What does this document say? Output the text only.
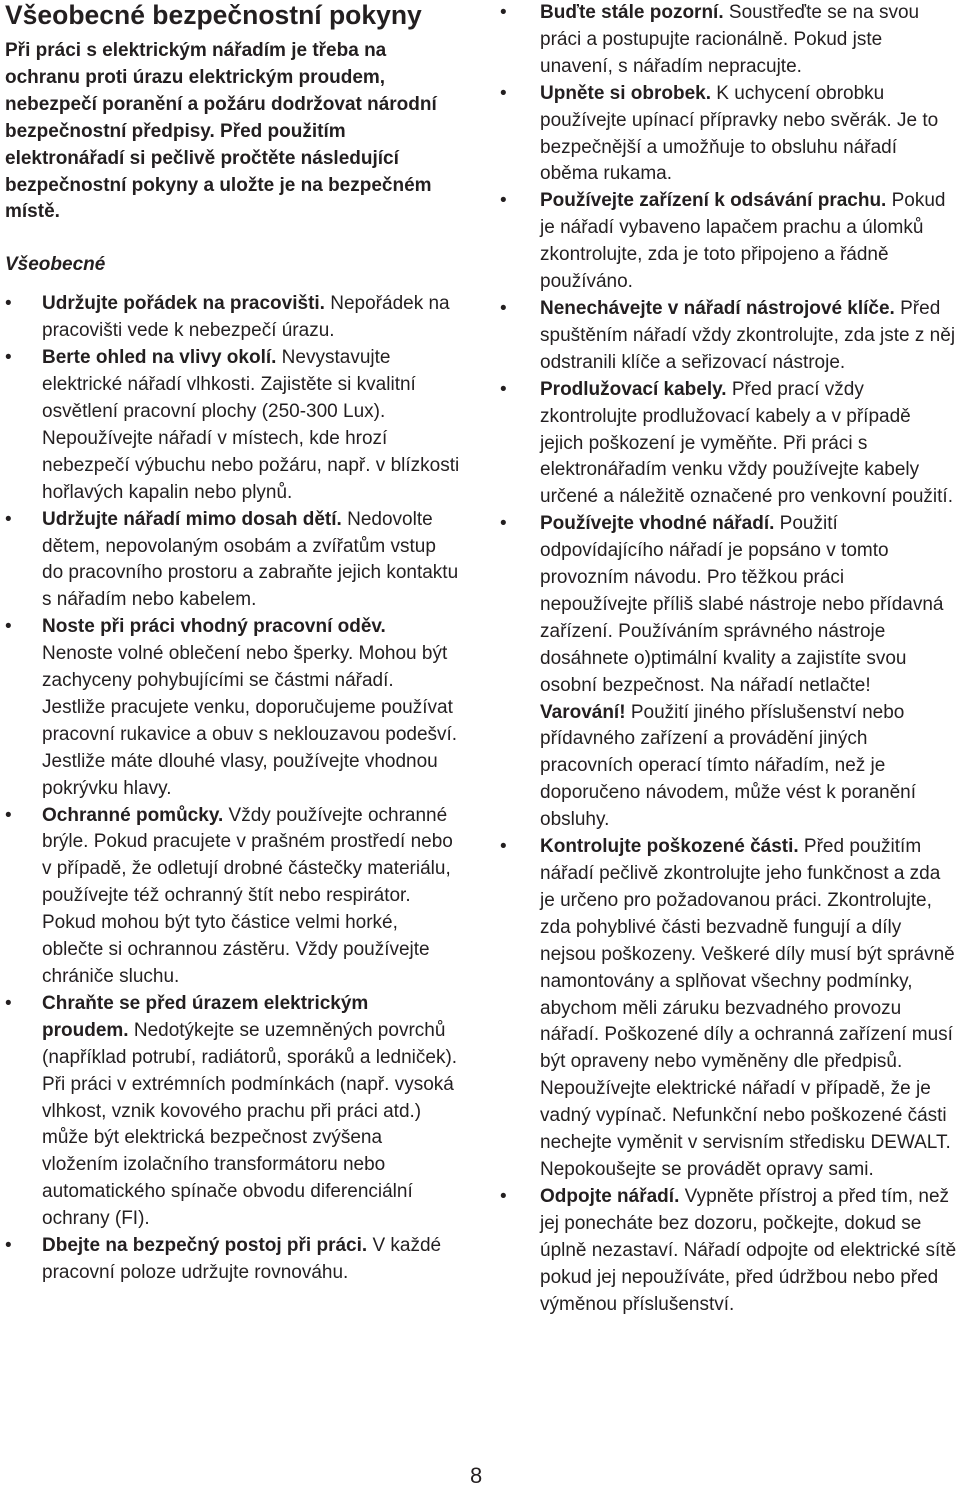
Všeobecné bezpečnostní pokyny

Při práci s elektrickým nářadím je třeba na ochranu proti úrazu elektrickým proudem, nebezpečí poranění a požáru dodržovat národní bezpečnostní předpisy. Před použitím elektronářadí si pečlivě pročtěte následující bezpečnostní pokyny a uložte je na bezpečném místě.

Všeobecné
• Udržujte pořádek na pracovišti. Nepořádek na pracovišti vede k nebezpečí úrazu.
• Berte ohled na vlivy okolí. Nevystavujte elektrické nářadí vlhkosti. Zajistěte si kvalitní osvětlení pracovní plochy (250-300 Lux). Nepoužívejte nářadí v místech, kde hrozí nebezpečí výbuchu nebo požáru, např. v blízkosti hořlavých kapalin nebo plynů.
• Udržujte nářadí mimo dosah dětí. Nedovolte dětem, nepovolaným osobám a zvířatům vstup do pracovního prostoru a zabraňte jejich kontaktu s nářadím nebo kabelem.
• Noste při práci vhodný pracovní oděv. Nenoste volné oblečení nebo šperky. Mohou být zachyceny pohybujícími se částmi nářadí. Jestliže pracujete venku, doporučujeme používat pracovní rukavice a obuv s neklouzavou podešví. Jestliže máte dlouhé vlasy, používejte vhodnou pokrývku hlavy.
• Ochranné pomůcky. Vždy používejte ochranné brýle. Pokud pracujete v prašném prostředí nebo v případě, že odletují drobné částečky materiálu, používejte též ochranný štít nebo respirátor. Pokud mohou být tyto částice velmi horké, oblečte si ochrannou zástěru. Vždy používejte chrániče sluchu.
• Chraňte se před úrazem elektrickým proudem. Nedotýkejte se uzemněných povrchů (například potrubí, radiátorů, sporáků a ledniček). Při práci v extrémních podmínkách (např. vysoká vlhkost, vznik kovového prachu při práci atd.) může být elektrická bezpečnost zvýšena vložením izolačního transformátoru nebo automatického spínače obvodu diferenciální ochrany (FI).
• Dbejte na bezpečný postoj při práci. V každé pracovní poloze udržujte rovnováhu.
• Buďte stále pozorní. Soustřeďte se na svou práci a postupujte racionálně. Pokud jste unavení, s nářadím nepracujte.
• Upněte si obrobek. K uchycení obrobku používejte upínací přípravky nebo svěrák. Je to bezpečnější a umožňuje to obsluhu nářadí oběma rukama.
• Používejte zařízení k odsávání prachu. Pokud je nářadí vybaveno lapačem prachu a úlomků zkontrolujte, zda je toto připojeno a řádně používáno.
• Nenechávejte v nářadí nástrojové klíče. Před spuštěním nářadí vždy zkontrolujte, zda jste z něj odstranili klíče a seřizovací nástroje.
• Prodlužovací kabely. Před prací vždy zkontrolujte prodlužovací kabely a v případě jejich poškození je vyměňte. Při práci s elektronářadím venku vždy používejte kabely určené a náležitě označené pro venkovní použití.
• Používejte vhodné nářadí. Použití odpovídajícího nářadí je popsáno v tomto provozním návodu. Pro těžkou práci nepoužívejte příliš slabé nástroje nebo přídavná zařízení. Používáním správného nástroje dosáhnete o)ptimální kvality a zajistíte svou osobní bezpečnost. Na nářadí netlačte!
Varování! Použití jiného příslušenství nebo přídavného zařízení a provádění jiných pracovních operací tímto nářadím, než je doporučeno návodem, může vést k poranění obsluhy.
• Kontrolujte poškozené části. Před použitím nářadí pečlivě zkontrolujte jeho funkčnost a zda je určeno pro požadovanou práci. Zkontrolujte, zda pohyblivé části bezvadně fungují a díly nejsou poškozeny. Veškeré díly musí být správně namontovány a splňovat všechny podmínky, abychom měli záruku bezvadného provozu nářadí. Poškozené díly a ochranná zařízení musí být opraveny nebo vyměněny dle předpisů. Nepoužívejte elektrické nářadí v případě, že je vadný vypínač. Nefunkční nebo poškozené části nechejte vyměnit v servisním středisku DEWALT. Nepokoušejte se provádět opravy sami.
• Odpojte nářadí. Vypněte přístroj a před tím, než jej ponecháte bez dozoru, počkejte, dokud se úplně nezastaví. Nářadí odpojte od elektrické sítě pokud jej nepoužíváte, před údržbou nebo před výměnou příslušenství.
8
